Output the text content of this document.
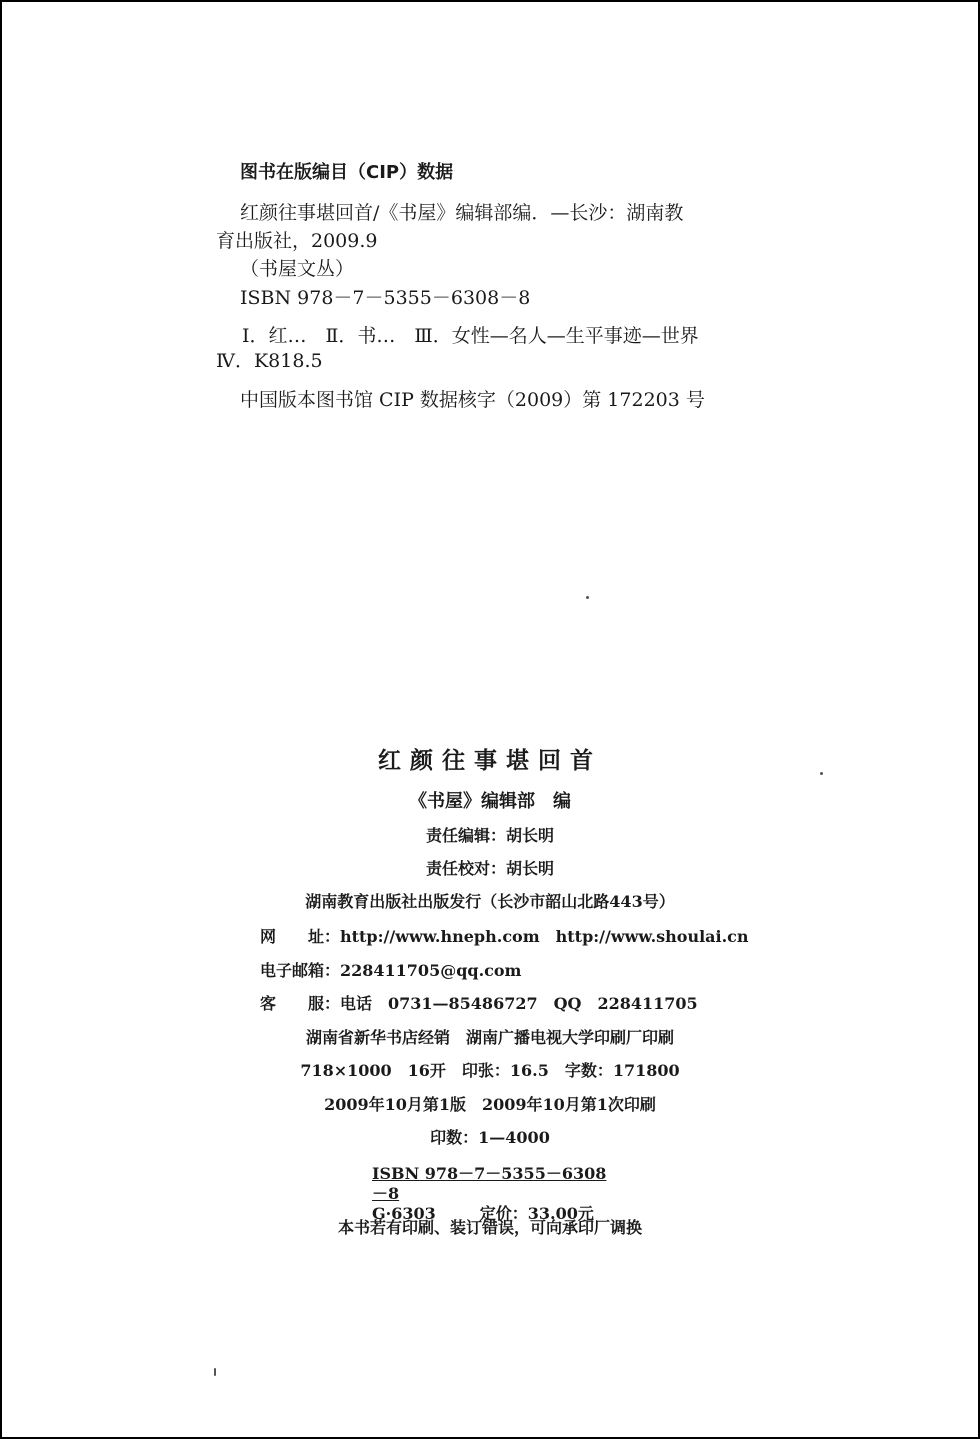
图书在版编目（CIP）数据
红颜往事堪回首/《书屋》编辑部编．—长沙：湖南教
育出版社，2009.9
（书屋文丛）
ISBN 978－7－5355－6308－8
Ⅰ．红…　Ⅱ．书…　Ⅲ．女性—名人—生平事迹—世界
Ⅳ．K818.5
中国版本图书馆 CIP 数据核字（2009）第 172203 号
红颜往事堪回首
《书屋》编辑部　编
责任编辑：胡长明
责任校对：胡长明
湖南教育出版社出版发行（长沙市韶山北路443号）
网　　址：http://www.hneph.com　http://www.shoulai.cn
电子邮箱：228411705@qq.com
客　　服：电话　0731—85486727　QQ　228411705
湖南省新华书店经销　湖南广播电视大学印刷厂印刷
718×1000　16开　印张：16.5　字数：171800
2009年10月第1版　2009年10月第1次印刷
印数：1—4000
ISBN 978－7－5355－6308－8
G·6303	定价：33.00元
本书若有印刷、装订错误，可向承印厂调换
